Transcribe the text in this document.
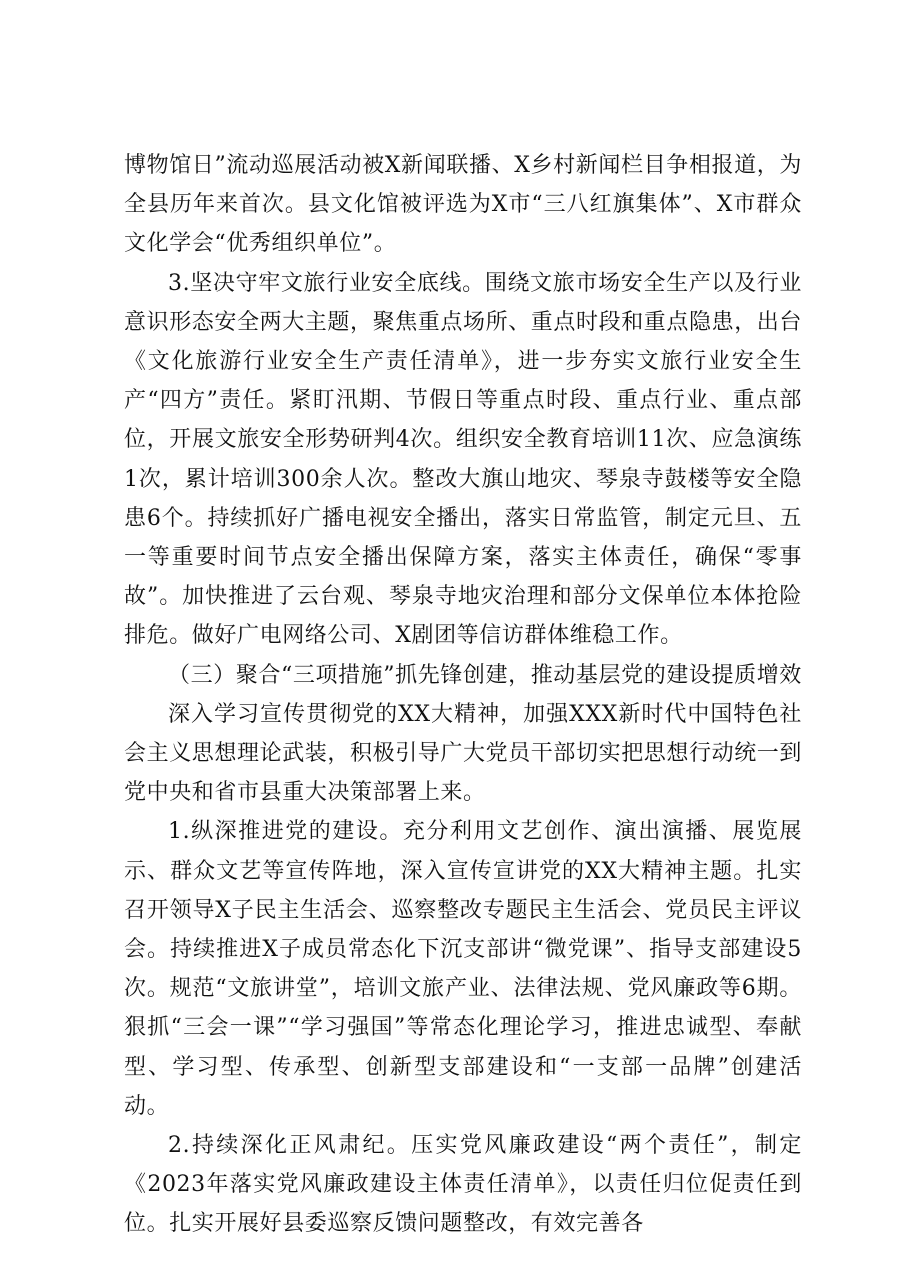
博物馆日”流动巡展活动被X新闻联播、X乡村新闻栏目争相报道，为全县历年来首次。县文化馆被评选为X市“三八红旗集体”、X市群众文化学会“优秀组织单位”。

3.坚决守牢文旅行业安全底线。围绕文旅市场安全生产以及行业意识形态安全两大主题，聚焦重点场所、重点时段和重点隐患，出台《文化旅游行业安全生产责任清单》，进一步夯实文旅行业安全生产“四方”责任。紧盯汛期、节假日等重点时段、重点行业、重点部位，开展文旅安全形势研判4次。组织安全教育培训11次、应急演练1次，累计培训300余人次。整改大旗山地灾、琴泉寺鼓楼等安全隐患6个。持续抓好广播电视安全播出，落实日常监管，制定元旦、五一等重要时间节点安全播出保障方案，落实主体责任，确保“零事故”。加快推进了云台观、琴泉寺地灾治理和部分文保单位本体抢险排危。做好广电网络公司、X剧团等信访群体维稳工作。

（三）聚合“三项措施”抓先锋创建，推动基层党的建设提质增效

深入学习宣传贯彻党的XX大精神，加强XXX新时代中国特色社会主义思想理论武装，积极引导广大党员干部切实把思想行动统一到党中央和省市县重大决策部署上来。

1.纵深推进党的建设。充分利用文艺创作、演出演播、展览展示、群众文艺等宣传阵地，深入宣传宣讲党的XX大精神主题。扎实召开领导X子民主生活会、巡察整改专题民主生活会、党员民主评议会。持续推进X子成员常态化下沉支部讲“微党课”、指导支部建设5次。规范“文旅讲堂”，培训文旅产业、法律法规、党风廉政等6期。狠抓“三会一课”“学习强国”等常态化理论学习，推进忠诚型、奉献型、学习型、传承型、创新型支部建设和“一支部一品牌”创建活动。

2.持续深化正风肃纪。压实党风廉政建设“两个责任”，制定《2023年落实党风廉政建设主体责任清单》，以责任归位促责任到位。扎实开展好县委巡察反馈问题整改，有效完善各
